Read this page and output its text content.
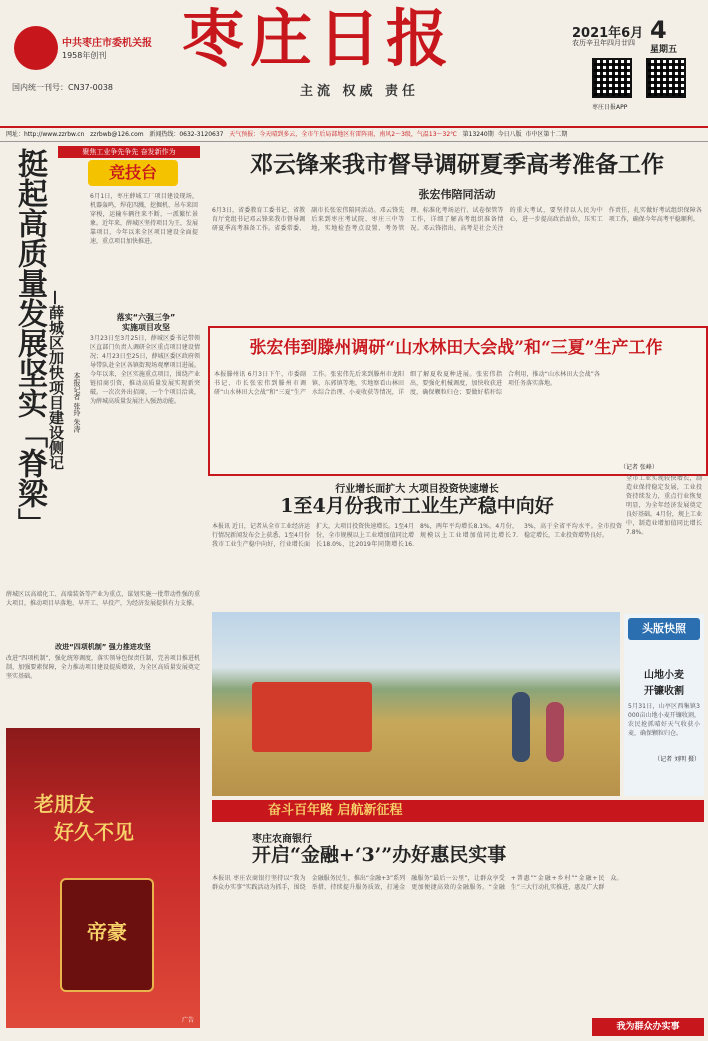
中共枣庄市委机关报
1958年创刊
国内统一刊号：CN37-0038
枣庄日报
主流 权威 责任
2021年6月 4
农历辛丑年四月廿四
星期五
枣庄日报APP
网址：http://www.zzrbw.cn zzrbwb@126.com 新闻热线：0632-3120637 天气预报：今天晴到多云，全市午后局部地区有雷阵雨，南风2～3级，气温13～32℃ 第13240期 今日八版 市中区第十二期
聚焦工业争先争先 奋发新作为
竞技台
挺起高质量发展坚实「脊梁」 —薛城区加快项目建设侧记 本报记者 张玲 朱涛
6月1日，枣庄薛城工厂项目建设现场，机器轰鸣，焊花四溅，挖掘机、吊车来回穿梭，运输车辆往来不断，一派繁忙景象。近年来，薛城区坚持项目为王，发展靠项目，今年以来全区项目建设全面提速，重点项目加快推进。
落实“六强三争”
实施项目攻坚
3月23日至3月25日，薛城区委书记带领区直部门负责人调研全区重点项目建设情况；4月23日至25日，薛城区委区政府领导带队赴全区各镇街现场观摩项目进展。今年以来，全区实施重点项目，围绕产业链招商引资，推动高质量发展实现新突破。一次次外出招商，一个个项目洽谈，为薛城高质量发展注入强劲动能。
薛城区以高端化工、高端装备等产业为重点，谋划实施一批带动性强的重大项目，推动项目早落地、早开工、早投产，为经济发展提供有力支撑。
改进“四项机制” 强力推进攻坚
改进“四项机制”，强化统筹调度，落实领导包保责任制，完善项目推进机制，加强要素保障，全力推动项目建设提质增效，为全区高质量发展奠定坚实基础。
老朋友
好久不见
帝豪
广告
邓云锋来我市督导调研夏季高考准备工作
张宏伟陪同活动
6月3日，省委教育工委书记、省教育厅党组书记邓云锋来我市督导调研夏季高考准备工作。省委常委、副市长张宏伟陪同活动。邓云锋先后来到枣庄考试院、枣庄三中等地，实地检查考点设置、考务管理、标准化考场运行、试卷保管等工作，详细了解高考组织准备情况。邓云锋指出，高考是社会关注的重大考试，要坚持以人民为中心，进一步提高政治站位，压实工作责任，扎实做好考试组织保障各项工作，确保今年高考平稳顺利。
张宏伟到滕州调研“山水林田大会战”和“三夏”生产工作
本报滕州讯 6月3日下午，市委副书记、市长张宏伟到滕州市调研“山水林田大会战”和“三夏”生产工作。张宏伟先后来到滕州市龙阳镇、东郭镇等地，实地察看山林田水综合治理、小麦收获等情况，详细了解夏收夏种进展。张宏伟指出，要强化机械调度，加快收获进度，确保颗粒归仓；要做好秸秆综合利用，推动“山水林田大会战”各项任务落实落地。
（记者 张峰）
行业增长面扩大 大项目投资快速增长
1至4月份我市工业生产稳中向好
本报讯 近日，记者从全市工业经济运行情况新闻发布会上获悉，1至4月份我市工业生产稳中向好，行业增长面扩大，大项目投资快速增长。1至4月份，全市规模以上工业增加值同比增长18.0%，比2019年同期增长16.8%，两年平均增长8.1%。4月份，规模以上工业增加值同比增长7.3%，高于全省平均水平。全市投资稳定增长，工业投资增势良好。
全市工业实现较快增长，制造业保持稳定发展，工业投资持续发力，重点行业恢复明显，为全年经济发展奠定良好基础。4月份，规上工业中，制造业增加值同比增长7.8%。
头版快照
山地小麦
开镰收割
5月31日，山亭区西集镇3000亩山地小麦开镰收割，农民抢抓晴好天气收获小麦，确保颗粒归仓。
（记者 刘明 摄）
奋斗百年路 启航新征程
枣庄农商银行
开启“金融+‘3’”办好惠民实事
本报讯 枣庄农商银行坚持以“我为群众办实事”实践活动为抓手，围绕金融服务民生，推出“金融+3”系列举措，持续提升服务质效，打通金融服务“最后一公里”，让群众享受更加便捷高效的金融服务。“金融+普惠”“金融+乡村”“金融+民生”三大行动扎实推进，惠及广大群众。
我为群众办实事
